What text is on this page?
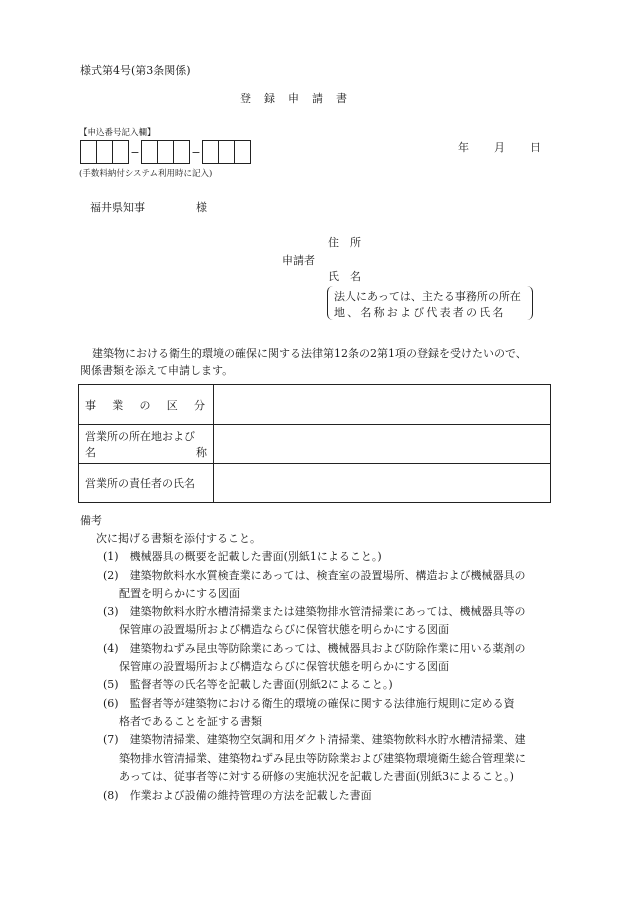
様式第4号(第3条関係)
登　録　申　請　書
【申込番号記入欄】
−	−
(手数料納付システム利用時に記入)
年 月 日
福井県知事	様
住　所
申請者
氏　名
法人にあっては、主たる事務所の所在
地、名称および代表者の氏名
建築物における衛生的環境の確保に関する法律第12条の2第1項の登録を受けたいので、
関係書類を添えて申請します。
事 業 の 区 分	

営業所の所在地および
名 称	

営業所の責任者の氏名	
備考
次に掲げる書類を添付すること。
(1)　機械器具の概要を記載した書面(別紙1によること。)
(2)　建築物飲料水水質検査業にあっては、検査室の設置場所、構造および機械器具の
配置を明らかにする図面
(3)　建築物飲料水貯水槽清掃業または建築物排水管清掃業にあっては、機械器具等の
保管庫の設置場所および構造ならびに保管状態を明らかにする図面
(4)　建築物ねずみ昆虫等防除業にあっては、機械器具および防除作業に用いる薬剤の
保管庫の設置場所および構造ならびに保管状態を明らかにする図面
(5)　監督者等の氏名等を記載した書面(別紙2によること。)
(6)　監督者等が建築物における衛生的環境の確保に関する法律施行規則に定める資
格者であることを証する書類
(7)　建築物清掃業、建築物空気調和用ダクト清掃業、建築物飲料水貯水槽清掃業、建
築物排水管清掃業、建築物ねずみ昆虫等防除業および建築物環境衛生総合管理業に
あっては、従事者等に対する研修の実施状況を記載した書面(別紙3によること。)
(8)　作業および設備の維持管理の方法を記載した書面
